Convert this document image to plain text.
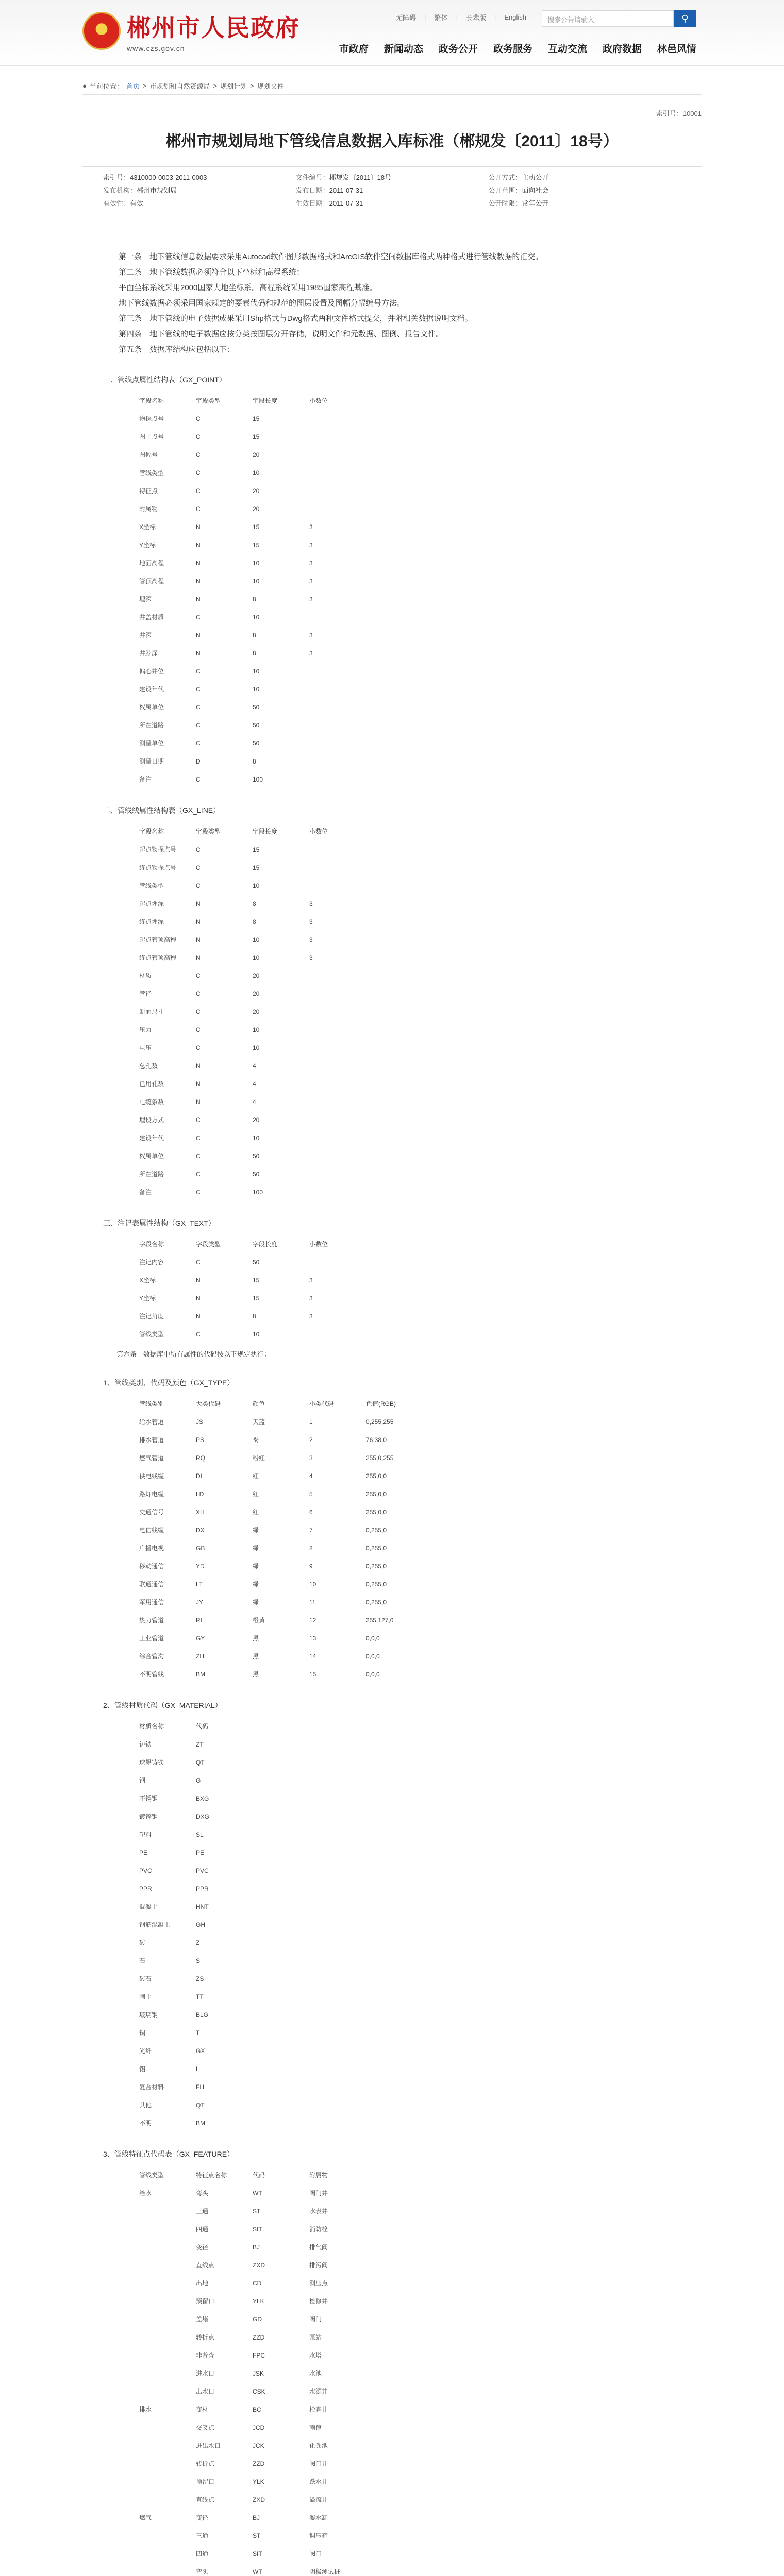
郴州市人民政府
www.czs.gov.cn
无障碍 | 繁体 | 长辈版 | English	搜索公告请输入	⚲
市政府 新闻动态 政务公开 政务服务 互动交流 政府数据 林邑风情
● 当前位置： 首页 > 市规划和自然资源局 > 规划计划 > 规划文件
索引号：10001
郴州市规划局地下管线信息数据入库标准（郴规发〔2011〕18号）
索引号：4310000-0003-2011-0003	文件编号：郴规发〔2011〕18号	公开方式：主动公开
发布机构：郴州市规划局	发布日期：2011-07-31	公开范围：面向社会
有效性：有效	生效日期：2011-07-31	公开时限：常年公开

第一条　地下管线信息数据要求采用Autocad软件图形数据格式和ArcGIS软件空间数据库格式两种格式进行管线数据的汇交。

第二条　地下管线数据必须符合以下坐标和高程系统：

平面坐标系统采用2000国家大地坐标系。高程系统采用1985国家高程基准。

地下管线数据必须采用国家规定的要素代码和规范的图层设置及图幅分幅编号方法。

第三条　地下管线的电子数据成果采用Shp格式与Dwg格式两种文件格式提交，并附相关数据说明文档。

第四条　地下管线的电子数据应按分类按图层分开存储，说明文件和元数据、图例、报告文件。

第五条　数据库结构应包括以下：

一、管线点属性结构表（GX_POINT）
字段名称	字段类型	字段长度	小数位
物探点号	C	15	
图上点号	C	15	
图幅号	C	20	
管线类型	C	10	
特征点	C	20	
附属物	C	20	
X坐标	N	15	3
Y坐标	N	15	3
地面高程	N	10	3
管顶高程	N	10	3
埋深	N	8	3
井盖材质	C	10	
井深	N	8	3
井脖深	N	8	3
偏心井位	C	10	
建设年代	C	10	
权属单位	C	50	
所在道路	C	50	
测量单位	C	50	
测量日期	D	8	
备注	C	100	
二、管线线属性结构表（GX_LINE）
字段名称	字段类型	字段长度	小数位
起点物探点号	C	15	
终点物探点号	C	15	
管线类型	C	10	
起点埋深	N	8	3
终点埋深	N	8	3
起点管顶高程	N	10	3
终点管顶高程	N	10	3
材质	C	20	
管径	C	20	
断面尺寸	C	20	
压力	C	10	
电压	C	10	
总孔数	N	4	
已用孔数	N	4	
电缆条数	N	4	
埋设方式	C	20	
建设年代	C	10	
权属单位	C	50	
所在道路	C	50	
备注	C	100	
三、注记表属性结构（GX_TEXT）
字段名称	字段类型	字段长度	小数位
注记内容	C	50	
X坐标	N	15	3
Y坐标	N	15	3
注记角度	N	8	3
管线类型	C	10	

第六条　数据库中所有属性的代码按以下规定执行：

1、管线类别、代码及颜色（GX_TYPE）
管线类别	大类代码	颜色	小类代码	色值(RGB)
给水管道	JS	天蓝	1	0,255,255
排水管道	PS	褐	2	76,38,0
燃气管道	RQ	粉红	3	255,0,255
供电线缆	DL	红	4	255,0,0
路灯电缆	LD	红	5	255,0,0
交通信号	XH	红	6	255,0,0
电信线缆	DX	绿	7	0,255,0
广播电视	GB	绿	8	0,255,0
移动通信	YD	绿	9	0,255,0
联通通信	LT	绿	10	0,255,0
军用通信	JY	绿	11	0,255,0
热力管道	RL	橙黄	12	255,127,0
工业管道	GY	黑	13	0,0,0
综合管沟	ZH	黑	14	0,0,0
不明管线	BM	黑	15	0,0,0
2、管线材质代码（GX_MATERIAL）
材质名称	代码
铸铁	ZT
球墨铸铁	QT
钢	G
不锈钢	BXG
镀锌钢	DXG
塑料	SL
PE	PE
PVC	PVC
PPR	PPR
混凝土	HNT
钢筋混凝土	GH
砖	Z
石	S
砖石	ZS
陶土	TT
玻璃钢	BLG
铜	T
光纤	GX
铝	L
复合材料	FH
其他	QT
不明	BM
3、管线特征点代码表（GX_FEATURE）
管线类型	特征点名称	代码	附属物
给水	弯头	WT	阀门井
	三通	ST	水表井
	四通	SIT	消防栓
	变径	BJ	排气阀
	直线点	ZXD	排污阀
	出地	CD	测压点
	预留口	YLK	检修井
	盖堵	GD	阀门
	转折点	ZZD	泵站
	非普查	FPC	水塔
	进水口	JSK	水池
	出水口	CSK	水源井
排水	变材	BC	检查井
	交叉点	JCD	雨篦
	进出水口	JCK	化粪池
	转折点	ZZD	阀门井
	预留口	YLK	跌水井
	直线点	ZXD	溢流井
燃气	变径	BJ	凝水缸
	三通	ST	调压箱
	四通	SIT	阀门
	弯头	WT	阴极测试桩
